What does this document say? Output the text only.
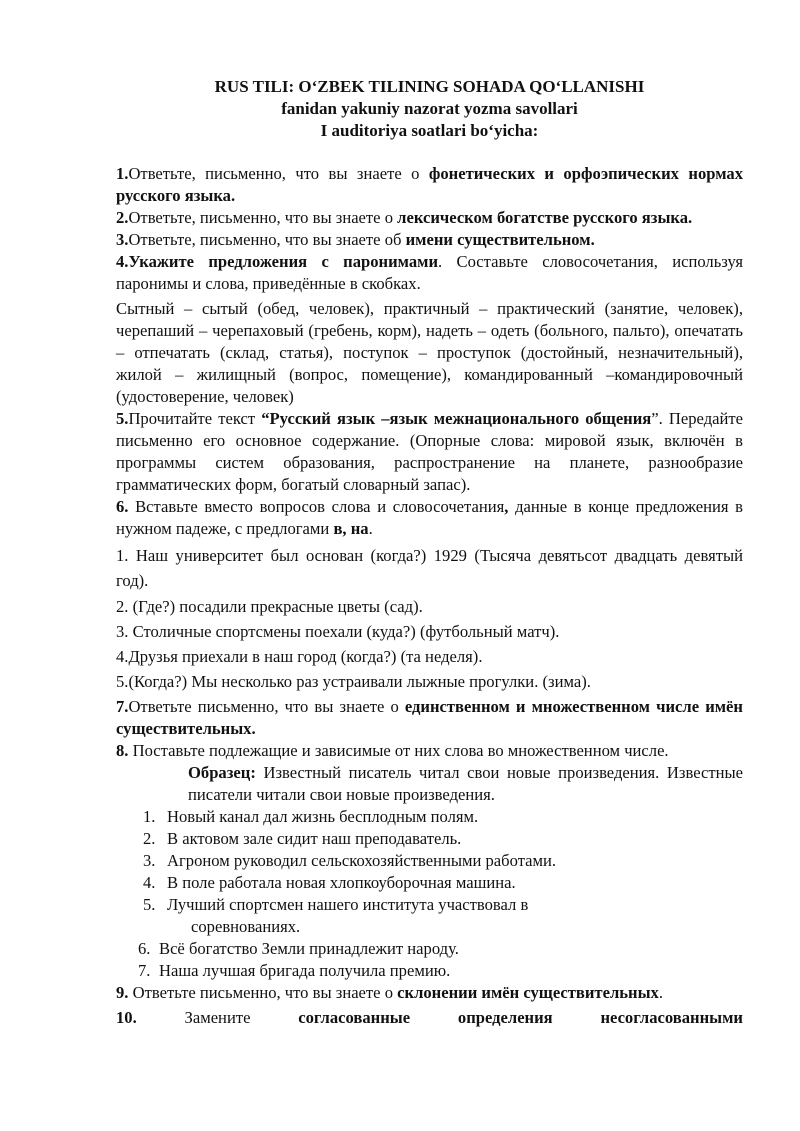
RUS TILI: O‘ZBEK TILINING SOHADA QO‘LLANISHI
fanidan yakuniy nazorat yozma savollari
I auditoriya soatlari bo‘yicha:

1.Ответьте, письменно, что вы знаете о фонетических и орфоэпических нормах русского языка.

2.Ответьте, письменно, что вы знаете о лексическом богатстве русского языка.

3.Ответьте, письменно, что вы знаете об имени существительном.

4.Укажите предложения с паронимами. Составьте словосочетания, используя паронимы и слова, приведённые в скобках.

Сытный – сытый (обед, человек), практичный – практический (занятие, человек), черепаший – черепаховый (гребень, корм), надеть – одеть (больного, пальто), опечатать – отпечатать (склад, статья), поступок – проступок (достойный, незначительный), жилой – жилищный (вопрос, помещение), командированный –командировочный (удостоверение, человек)

5.Прочитайте текст “Русский язык –язык межнационального общения”. Передайте письменно его основное содержание. (Опорные слова: мировой язык, включён в программы систем образования, распространение на планете, разнообразие грамматических форм, богатый словарный запас).

6. Вставьте вместо вопросов слова и словосочетания, данные в конце предложения в нужном падеже, с предлогами в, на.

1. Наш университет был основан (когда?) 1929 (Тысяча девятьсот двадцать девятый год).

2. (Где?) посадили прекрасные цветы (сад).

3. Столичные спортсмены поехали (куда?) (футбольный матч).

4.Друзья приехали в наш город (когда?) (та неделя).

5.(Когда?) Мы несколько раз устраивали лыжные прогулки. (зима).

7.Ответьте письменно, что вы знаете о единственном и множественном числе имён существительных.

8. Поставьте подлежащие и зависимые от них слова во множественном числе.

Образец: Известный писатель читал свои новые произведения. Известные писатели читали свои новые произведения.

1. Новый канал дал жизнь бесплодным полям.
2. В актовом зале сидит наш преподаватель.
3. Агроном руководил сельскохозяйственными работами.
4. В поле работала новая хлопкоуборочная машина.
5. Лучший спортсмен нашего института участвовал в
соревнованиях.
6. Всё богатство Земли принадлежит народу.
7. Наша лучшая бригада получила премию.

9. Ответьте письменно, что вы знаете о склонении имён существительных.

10.	Замените	согласованные	определения	несогласованными
